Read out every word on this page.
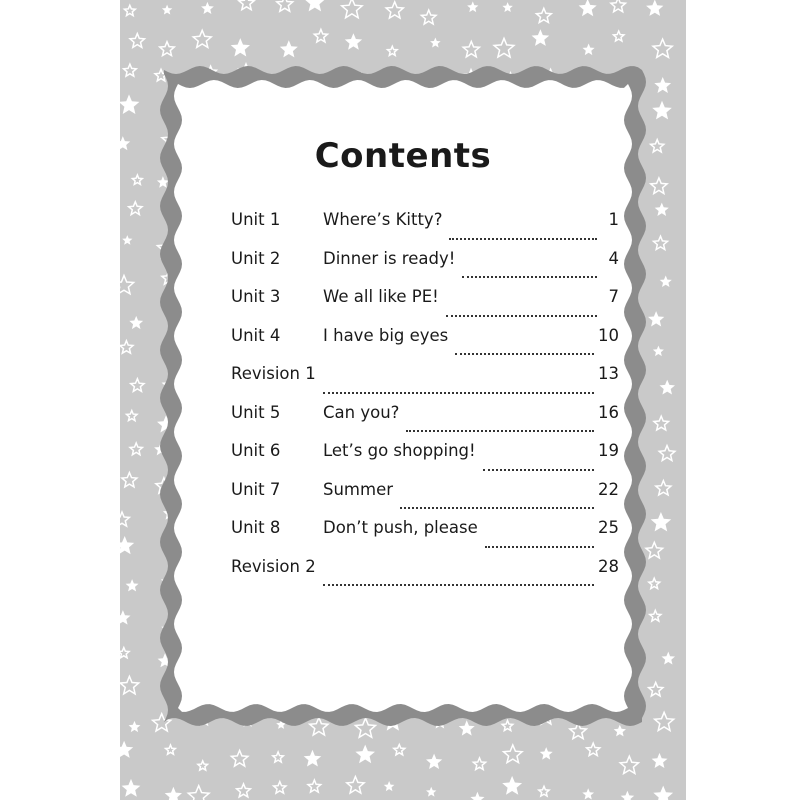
Contents
Unit 1	Where’s Kitty?	1
Unit 2	Dinner is ready!	4
Unit 3	We all like PE!	7
Unit 4	I have big eyes	10
Revision 1	13
Unit 5	Can you?	16
Unit 6	Let’s go shopping!	19
Unit 7	Summer	22
Unit 8	Don’t push, please	25
Revision 2	28
